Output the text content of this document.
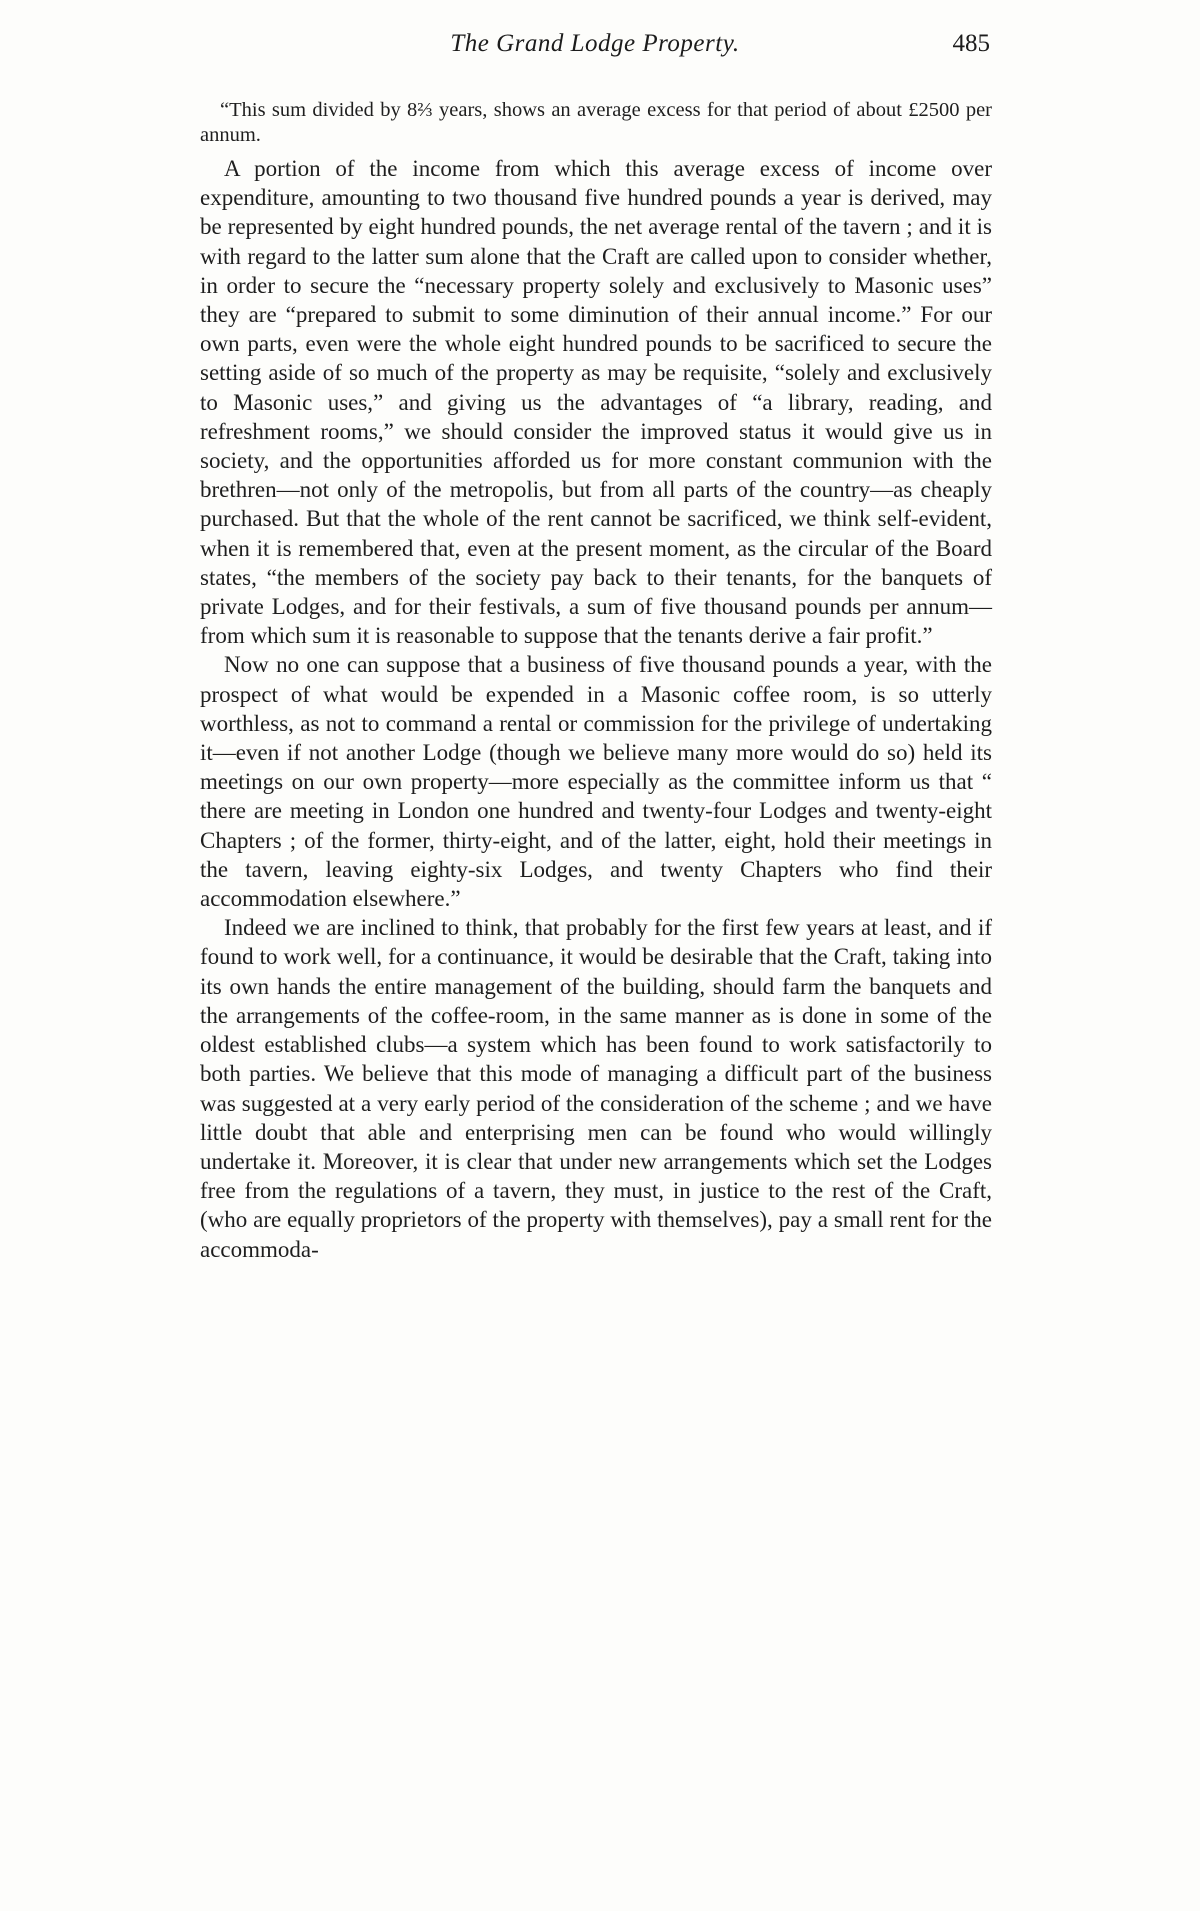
The Grand Lodge Property.	485

“This sum divided by 8⅔ years, shows an average excess for that period of about £2500 per annum.

A portion of the income from which this average excess of income over expenditure, amounting to two thousand five hundred pounds a year is derived, may be represented by eight hundred pounds, the net average rental of the tavern ; and it is with regard to the latter sum alone that the Craft are called upon to consider whether, in order to secure the “necessary property solely and exclusively to Masonic uses” they are “prepared to submit to some diminution of their annual income.” For our own parts, even were the whole eight hundred pounds to be sacrificed to secure the setting aside of so much of the property as may be requisite, “solely and exclusively to Masonic uses,” and giving us the advantages of “a library, reading, and refreshment rooms,” we should consider the improved status it would give us in society, and the opportunities afforded us for more constant communion with the brethren—not only of the metropolis, but from all parts of the country—as cheaply purchased. But that the whole of the rent cannot be sacrificed, we think self-evident, when it is remembered that, even at the present moment, as the circular of the Board states, “the members of the society pay back to their tenants, for the banquets of private Lodges, and for their festivals, a sum of five thousand pounds per annum—from which sum it is reasonable to suppose that the tenants derive a fair profit.”

Now no one can suppose that a business of five thousand pounds a year, with the prospect of what would be expended in a Masonic coffee room, is so utterly worthless, as not to command a rental or commission for the privilege of undertaking it—even if not another Lodge (though we believe many more would do so) held its meetings on our own property—more especially as the committee inform us that “ there are meeting in London one hundred and twenty-four Lodges and twenty-eight Chapters ; of the former, thirty-eight, and of the latter, eight, hold their meetings in the tavern, leaving eighty-six Lodges, and twenty Chapters who find their accommodation elsewhere.”

Indeed we are inclined to think, that probably for the first few years at least, and if found to work well, for a continuance, it would be desirable that the Craft, taking into its own hands the entire management of the building, should farm the banquets and the arrangements of the coffee-room, in the same manner as is done in some of the oldest established clubs—a system which has been found to work satisfactorily to both parties. We believe that this mode of managing a difficult part of the business was suggested at a very early period of the consideration of the scheme ; and we have little doubt that able and enterprising men can be found who would willingly undertake it. Moreover, it is clear that under new arrangements which set the Lodges free from the regulations of a tavern, they must, in justice to the rest of the Craft, (who are equally proprietors of the property with themselves), pay a small rent for the accommoda-
